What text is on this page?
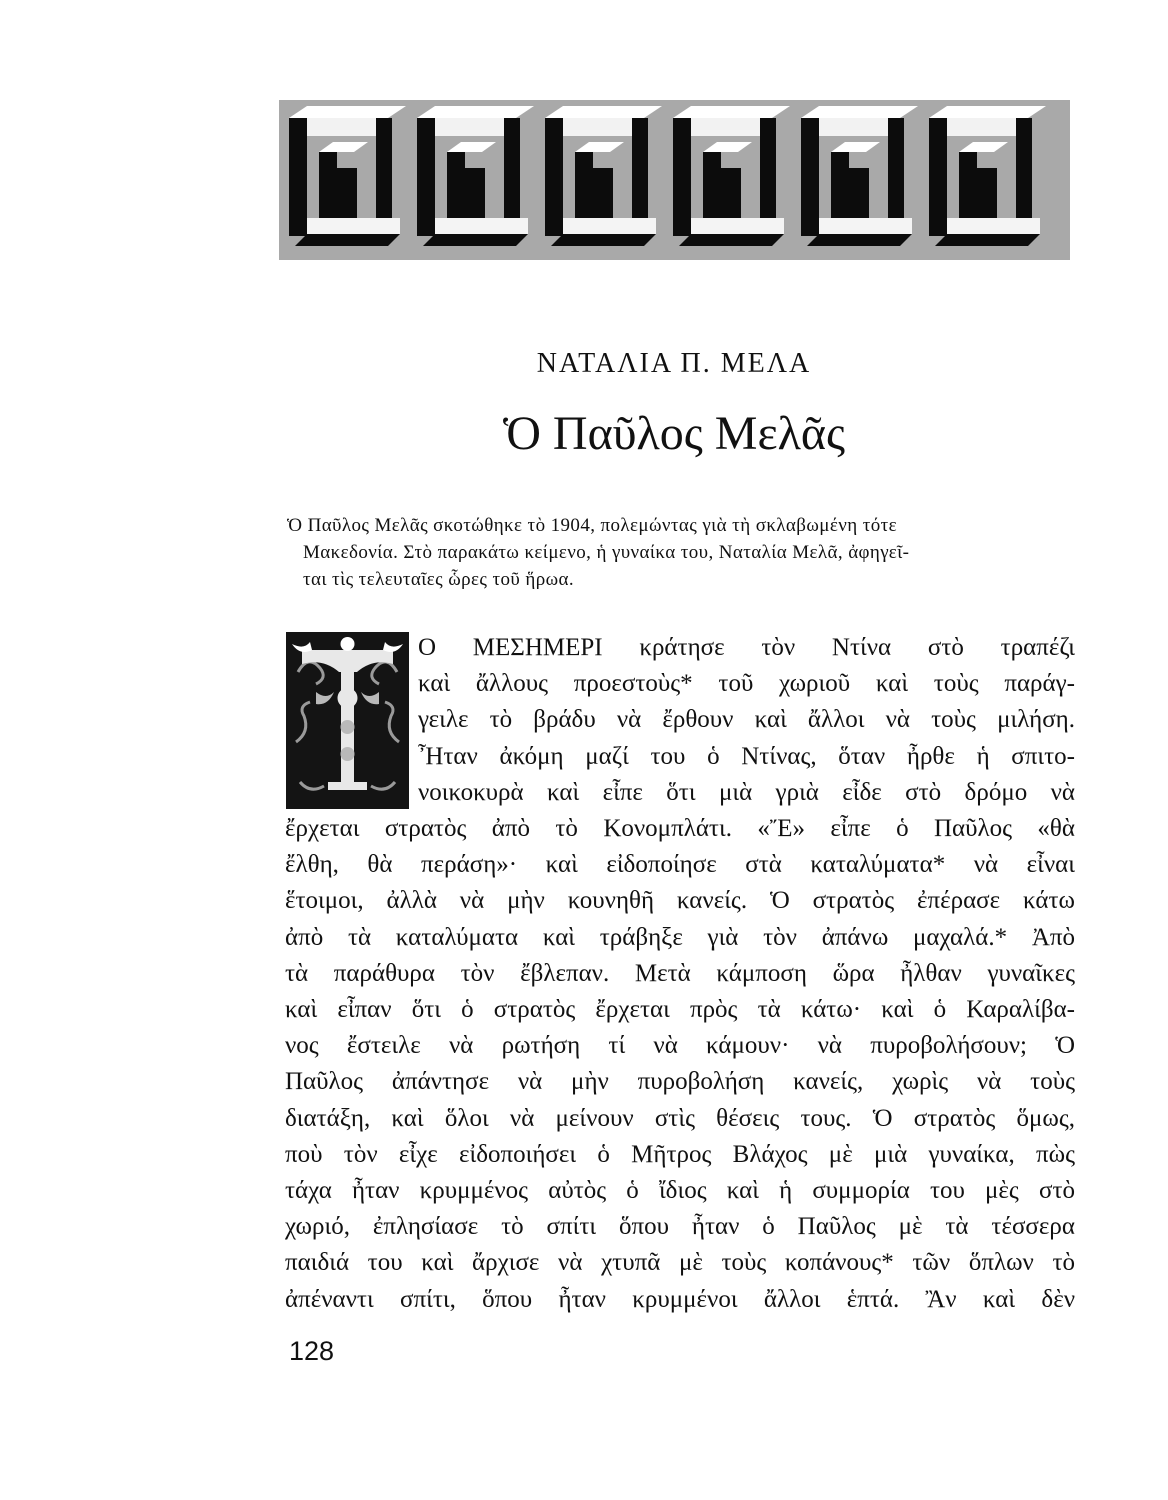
ΝΑΤΑΛΙΑ Π. ΜΕΛΑ
Ὁ Παῦλος Μελᾶς
Ὁ Παῦλος Μελᾶς σκοτώθηκε τὸ 1904, πολεμώντας γιὰ τὴ σκλαβωμένη τότε
Μακεδονία. Στὸ παρακάτω κείμενο, ἡ γυναίκα του, Ναταλία Μελᾶ, ἀφηγεῖ-
ται τὶς τελευταῖες ὧρες τοῦ ἥρωα.
Ο ΜΕΣΗΜΕΡΙ κράτησε τὸν Ντίνα στὸ τραπέζι
καὶ ἄλλους προεστοὺς* τοῦ χωριοῦ καὶ τοὺς παράγ-
γειλε τὸ βράδυ νὰ ἔρθουν καὶ ἄλλοι νὰ τοὺς μιλήση.
Ἦταν ἀκόμη μαζί του ὁ Ντίνας, ὅταν ἦρθε ἡ σπιτο-
νοικοκυρὰ καὶ εἶπε ὅτι μιὰ γριὰ εἶδε στὸ δρόμο νὰ
ἔρχεται στρατὸς ἀπὸ τὸ Κονομπλάτι. «Ἔ» εἶπε ὁ Παῦλος «θὰ
ἔλθη, θὰ περάση»· καὶ εἰδοποίησε στὰ καταλύματα* νὰ εἶναι
ἕτοιμοι, ἀλλὰ νὰ μὴν κουνηθῆ κανείς. Ὁ στρατὸς ἐπέρασε κάτω
ἀπὸ τὰ καταλύματα καὶ τράβηξε γιὰ τὸν ἀπάνω μαχαλά.* Ἀπὸ
τὰ παράθυρα τὸν ἔβλεπαν. Μετὰ κάμποση ὥρα ἦλθαν γυναῖκες
καὶ εἶπαν ὅτι ὁ στρατὸς ἔρχεται πρὸς τὰ κάτω· καὶ ὁ Καραλίβα-
νος ἔστειλε νὰ ρωτήση τί νὰ κάμουν· νὰ πυροβολήσουν; Ὁ
Παῦλος ἀπάντησε νὰ μὴν πυροβολήση κανείς, χωρὶς νὰ τοὺς
διατάξη, καὶ ὅλοι νὰ μείνουν στὶς θέσεις τους. Ὁ στρατὸς ὅμως,
ποὺ τὸν εἶχε εἰδοποιήσει ὁ Μῆτρος Βλάχος μὲ μιὰ γυναίκα, πὼς
τάχα ἦταν κρυμμένος αὐτὸς ὁ ἴδιος καὶ ἡ συμμορία του μὲς στὸ
χωριό, ἐπλησίασε τὸ σπίτι ὅπου ἦταν ὁ Παῦλος μὲ τὰ τέσσερα
παιδιά του καὶ ἄρχισε νὰ χτυπᾶ μὲ τοὺς κοπάνους* τῶν ὅπλων τὸ
ἀπέναντι σπίτι, ὅπου ἦταν κρυμμένοι ἄλλοι ἑπτά. Ἂν καὶ δὲν
128
